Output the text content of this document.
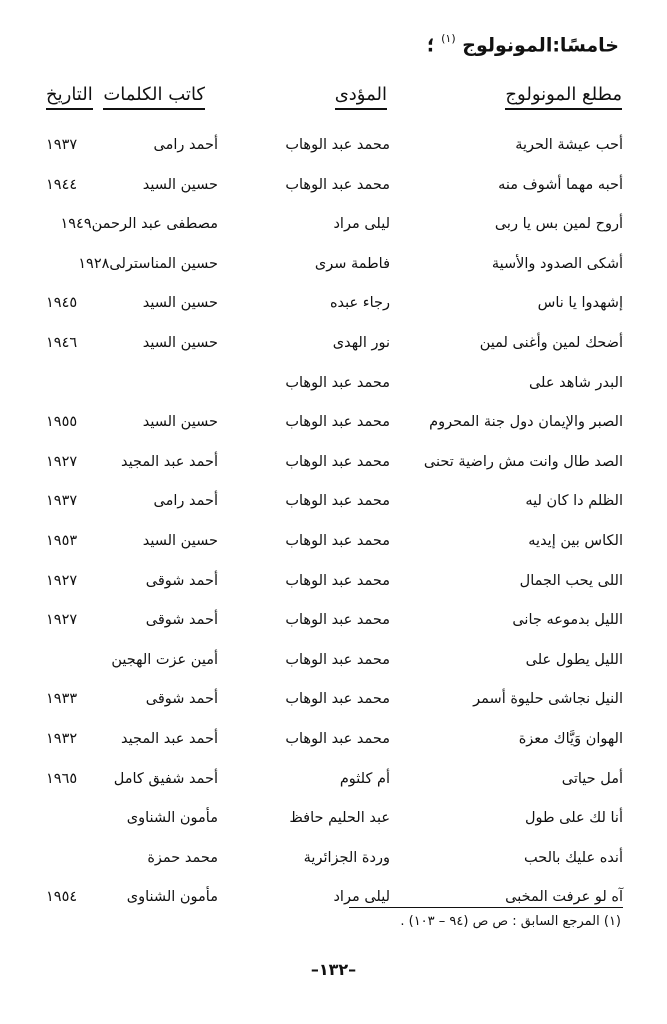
خامسًا:المونولوج $^{(١)}$ ؛
مطلع المونولوج
المؤدى
كاتب الكلمات
التاريخ
أحب عيشة الحرية
محمد عبد الوهاب
أحمد رامى
١٩٣٧
أحبه مهما أشوف منه
محمد عبد الوهاب
حسين السيد
١٩٤٤
أروح لمين بس يا ربى
ليلى مراد
مصطفى عبد الرحمن١٩٤٩
أشكى الصدود والأسية
فاطمة سرى
حسين المناسترلى١٩٢٨
إشهدوا يا ناس
رجاء عبده
حسين السيد
١٩٤٥
أضحك لمين وأغنى لمين
نور الهدى
حسين السيد
١٩٤٦
البدر شاهد على
محمد عبد الوهاب
الصبر والإيمان دول جنة المحروم
محمد عبد الوهاب
حسين السيد
١٩٥٥
الصد طال وانت مش راضية تحنى
محمد عبد الوهاب
أحمد عبد المجيد
١٩٢٧
الظلم دا كان ليه
محمد عبد الوهاب
أحمد رامى
١٩٣٧
الكاس بين إيديه
محمد عبد الوهاب
حسين السيد
١٩٥٣
اللى يحب الجمال
محمد عبد الوهاب
أحمد شوقى
١٩٢٧
الليل بدموعه جانى
محمد عبد الوهاب
أحمد شوقى
١٩٢٧
الليل يطول على
محمد عبد الوهاب
أمين عزت الهجين
النيل نجاشى حليوة أسمر
محمد عبد الوهاب
أحمد شوقى
١٩٣٣
الهوان وَيَّاك معزة
محمد عبد الوهاب
أحمد عبد المجيد
١٩٣٢
أمل حياتى
أم كلثوم
أحمد شفيق كامل
١٩٦٥
أنا لك على طول
عبد الحليم حافظ
مأمون الشناوى
أنده عليك بالحب
وردة الجزائرية
محمد حمزة
آه لو عرفت المخبى
ليلى مراد
مأمون الشناوى
١٩٥٤
(١) المرجع السابق : ص ص (٩٤ – ١٠٣) .
–١٣٢–
